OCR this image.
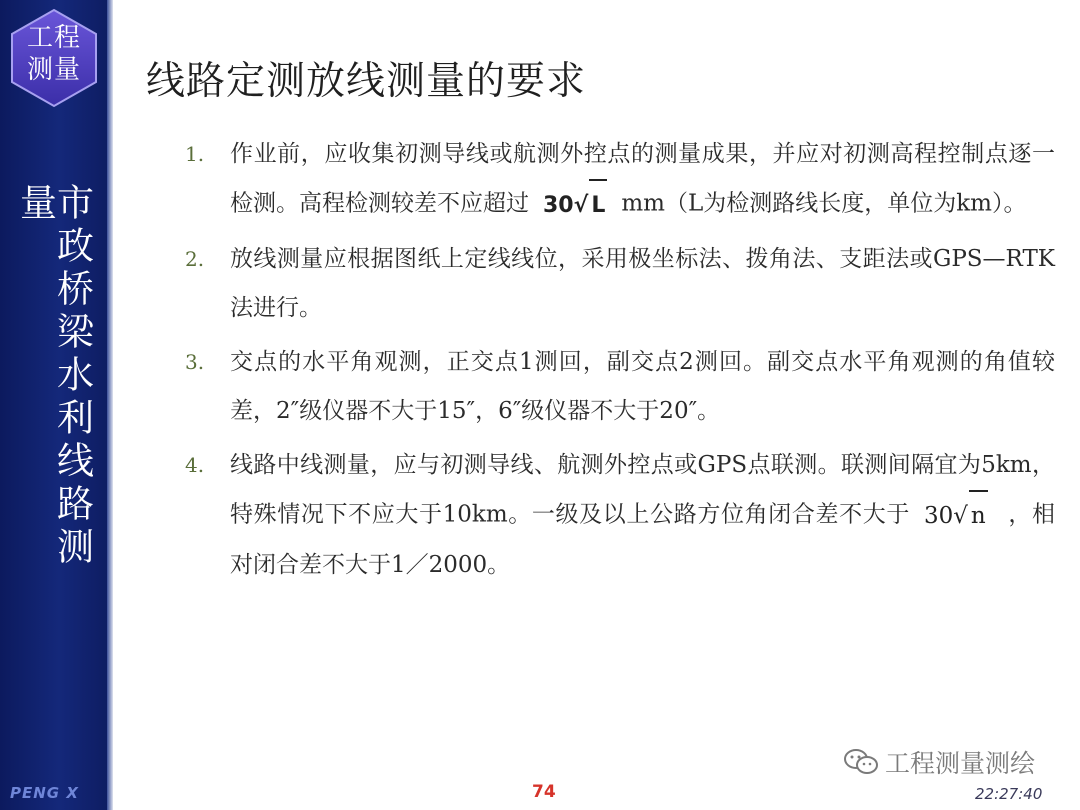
工程
测量
市政桥梁水利线路测量
PENG X
线路定测放线测量的要求
1. 作业前，应收集初测导线或航测外控点的测量成果，并应对初测高程控制点逐一检测。高程检测较差不应超过 30√ L mm（L为检测路线长度，单位为km）。
2. 放线测量应根据图纸上定线线位，采用极坐标法、拨角法、支距法或GPS—RTK法进行。
3. 交点的水平角观测，正交点1测回，副交点2测回。副交点水平角观测的角值较差，2″级仪器不大于15″，6″级仪器不大于20″。
4. 线路中线测量，应与初测导线、航测外控点或GPS点联测。联测间隔宜为5km，特殊情况下不应大于10km。一级及以上公路方位角闭合差不大于 30√ n ，相对闭合差不大于1／2000。
74	22:27:40
工程测量测绘
